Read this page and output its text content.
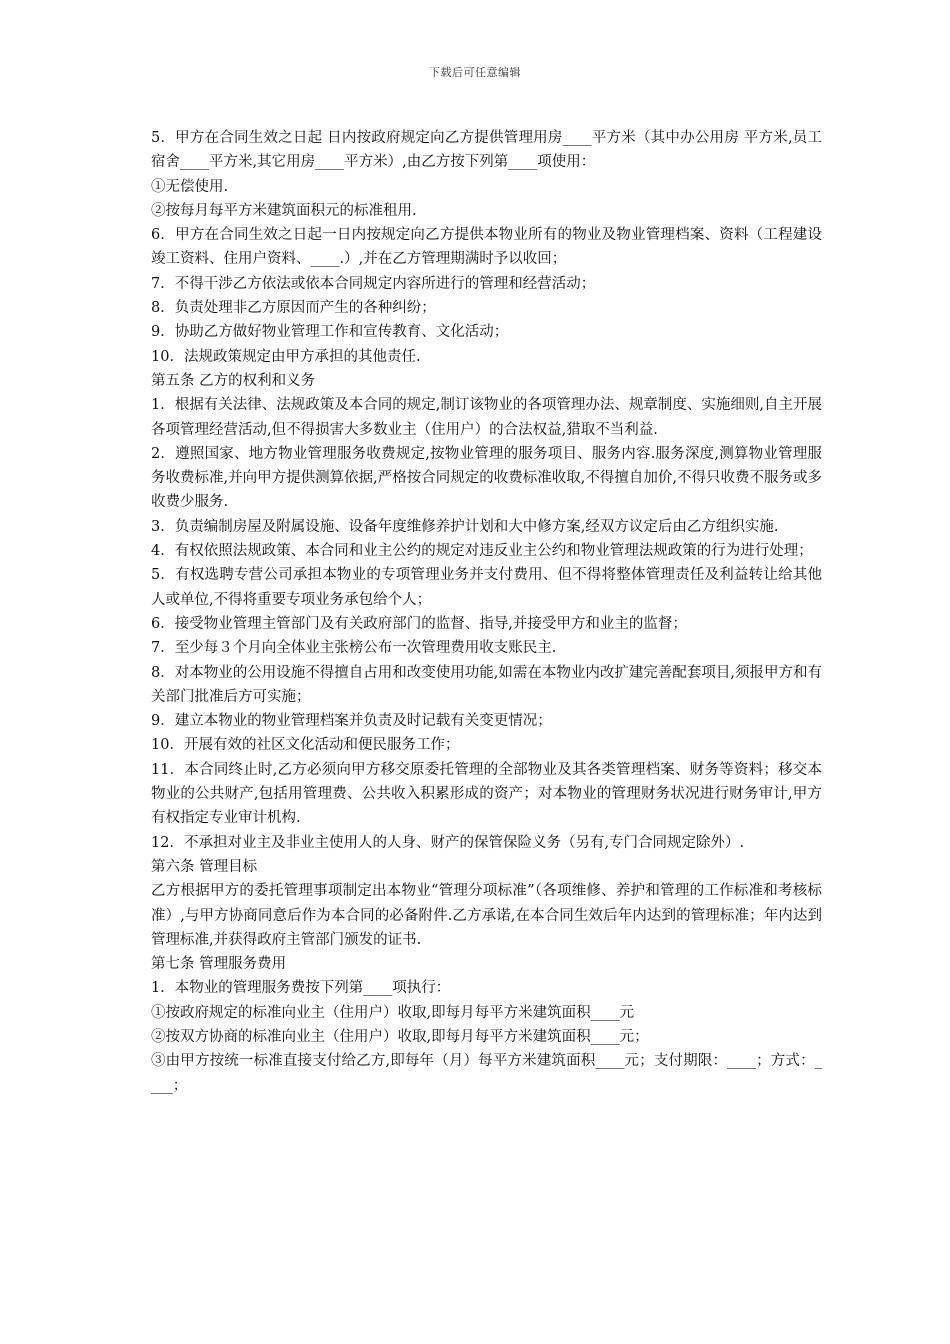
下载后可任意编辑

5．甲方在合同生效之日起 日内按政府规定向乙方提供管理用房____平方米（其中办公用房 平方米,员工宿舍____平方米,其它用房____平方米）,由乙方按下列第____项使用：

①无偿使用.

②按每月每平方米建筑面积元的标准租用.

6．甲方在合同生效之日起一日内按规定向乙方提供本物业所有的物业及物业管理档案、资料（工程建设竣工资料、住用户资料、____.）,并在乙方管理期满时予以收回；

7．不得干涉乙方依法或依本合同规定内容所进行的管理和经营活动；

8．负责处理非乙方原因而产生的各种纠纷；

9．协助乙方做好物业管理工作和宣传教育、文化活动；

10．法规政策规定由甲方承担的其他责任.

第五条 乙方的权利和义务

1．根据有关法律、法规政策及本合同的规定,制订该物业的各项管理办法、规章制度、实施细则,自主开展各项管理经营活动,但不得损害大多数业主（住用户）的合法权益,猎取不当利益.

2．遵照国家、地方物业管理服务收费规定,按物业管理的服务项目、服务内容.服务深度,测算物业管理服务收费标准,并向甲方提供测算依据,严格按合同规定的收费标准收取,不得擅自加价,不得只收费不服务或多收费少服务.

3．负责编制房屋及附属设施、设备年度维修养护计划和大中修方案,经双方议定后由乙方组织实施.

4．有权依照法规政策、本合同和业主公约的规定对违反业主公约和物业管理法规政策的行为进行处理；

5．有权选聘专营公司承担本物业的专项管理业务并支付费用、但不得将整体管理责任及利益转让给其他人或单位,不得将重要专项业务承包给个人；

6．接受物业管理主管部门及有关政府部门的监督、指导,并接受甲方和业主的监督；

7．至少每３个月向全体业主张榜公布一次管理费用收支账民主.

8．对本物业的公用设施不得擅自占用和改变使用功能,如需在本物业内改扩建完善配套项目,须报甲方和有关部门批准后方可实施；

9．建立本物业的物业管理档案并负责及时记载有关变更情况；

10．开展有效的社区文化活动和便民服务工作；

11．本合同终止时,乙方必须向甲方移交原委托管理的全部物业及其各类管理档案、财务等资料；移交本物业的公共财产,包括用管理费、公共收入积累形成的资产；对本物业的管理财务状况进行财务审计,甲方有权指定专业审计机构.

12．不承担对业主及非业主使用人的人身、财产的保管保险义务（另有,专门合同规定除外）.

第六条 管理目标

乙方根据甲方的委托管理事项制定出本物业“管理分项标准”（各项维修、养护和管理的工作标准和考核标准）,与甲方协商同意后作为本合同的必备附件.乙方承诺,在本合同生效后年内达到的管理标准；年内达到管理标准,并获得政府主管部门颁发的证书.

第七条 管理服务费用

1．本物业的管理服务费按下列第____项执行：

①按政府规定的标准向业主（住用户）收取,即每月每平方米建筑面积____元

②按双方协商的标准向业主（住用户）收取,即每月每平方米建筑面积____元；

③由甲方按统一标准直接支付给乙方,即每年（月）每平方米建筑面积____元；支付期限：____；方式：____；
